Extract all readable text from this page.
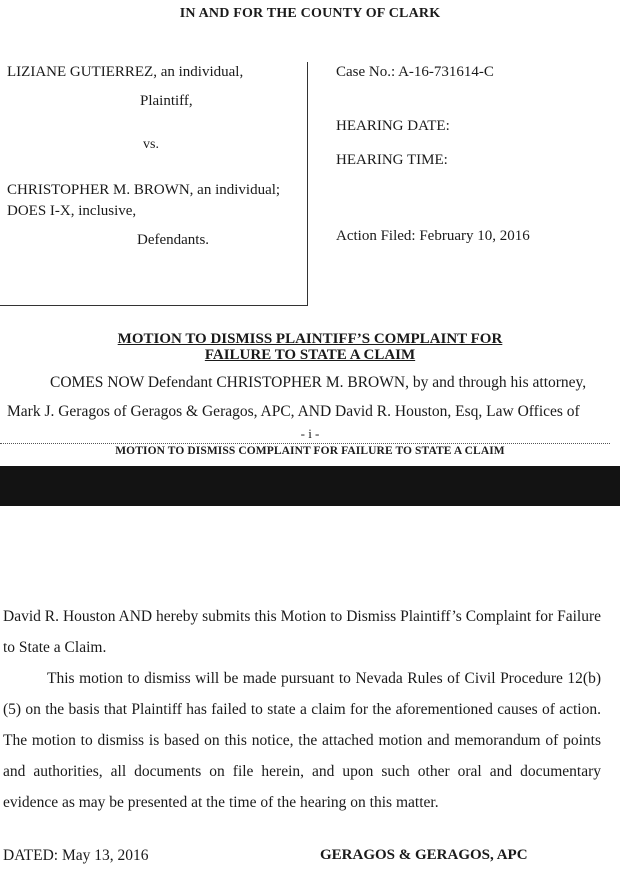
IN AND FOR THE COUNTY OF CLARK
LIZIANE GUTIERREZ, an individual,
Plaintiff,
vs.
CHRISTOPHER M. BROWN, an individual;
DOES I-X, inclusive,
Defendants.
Case No.: A-16-731614-C
HEARING DATE:
HEARING TIME:
Action Filed: February 10, 2016
MOTION TO DISMISS PLAINTIFF’S COMPLAINT FOR
FAILURE TO STATE A CLAIM
COMES NOW Defendant CHRISTOPHER M. BROWN, by and through his attorney,
Mark J. Geragos of Geragos & Geragos, APC, AND David R. Houston, Esq, Law Offices of
- i -
MOTION TO DISMISS COMPLAINT FOR FAILURE TO STATE A CLAIM
David R. Houston AND hereby submits this Motion to Dismiss Plaintiff’s Complaint for Failure to State a Claim.
This motion to dismiss will be made pursuant to Nevada Rules of Civil Procedure 12(b)(5) on the basis that Plaintiff has failed to state a claim for the aforementioned causes of action. The motion to dismiss is based on this notice, the attached motion and memorandum of points and authorities, all documents on file herein, and upon such other oral and documentary evidence as may be presented at the time of the hearing on this matter.
DATED: May 13, 2016	GERAGOS & GERAGOS, APC
